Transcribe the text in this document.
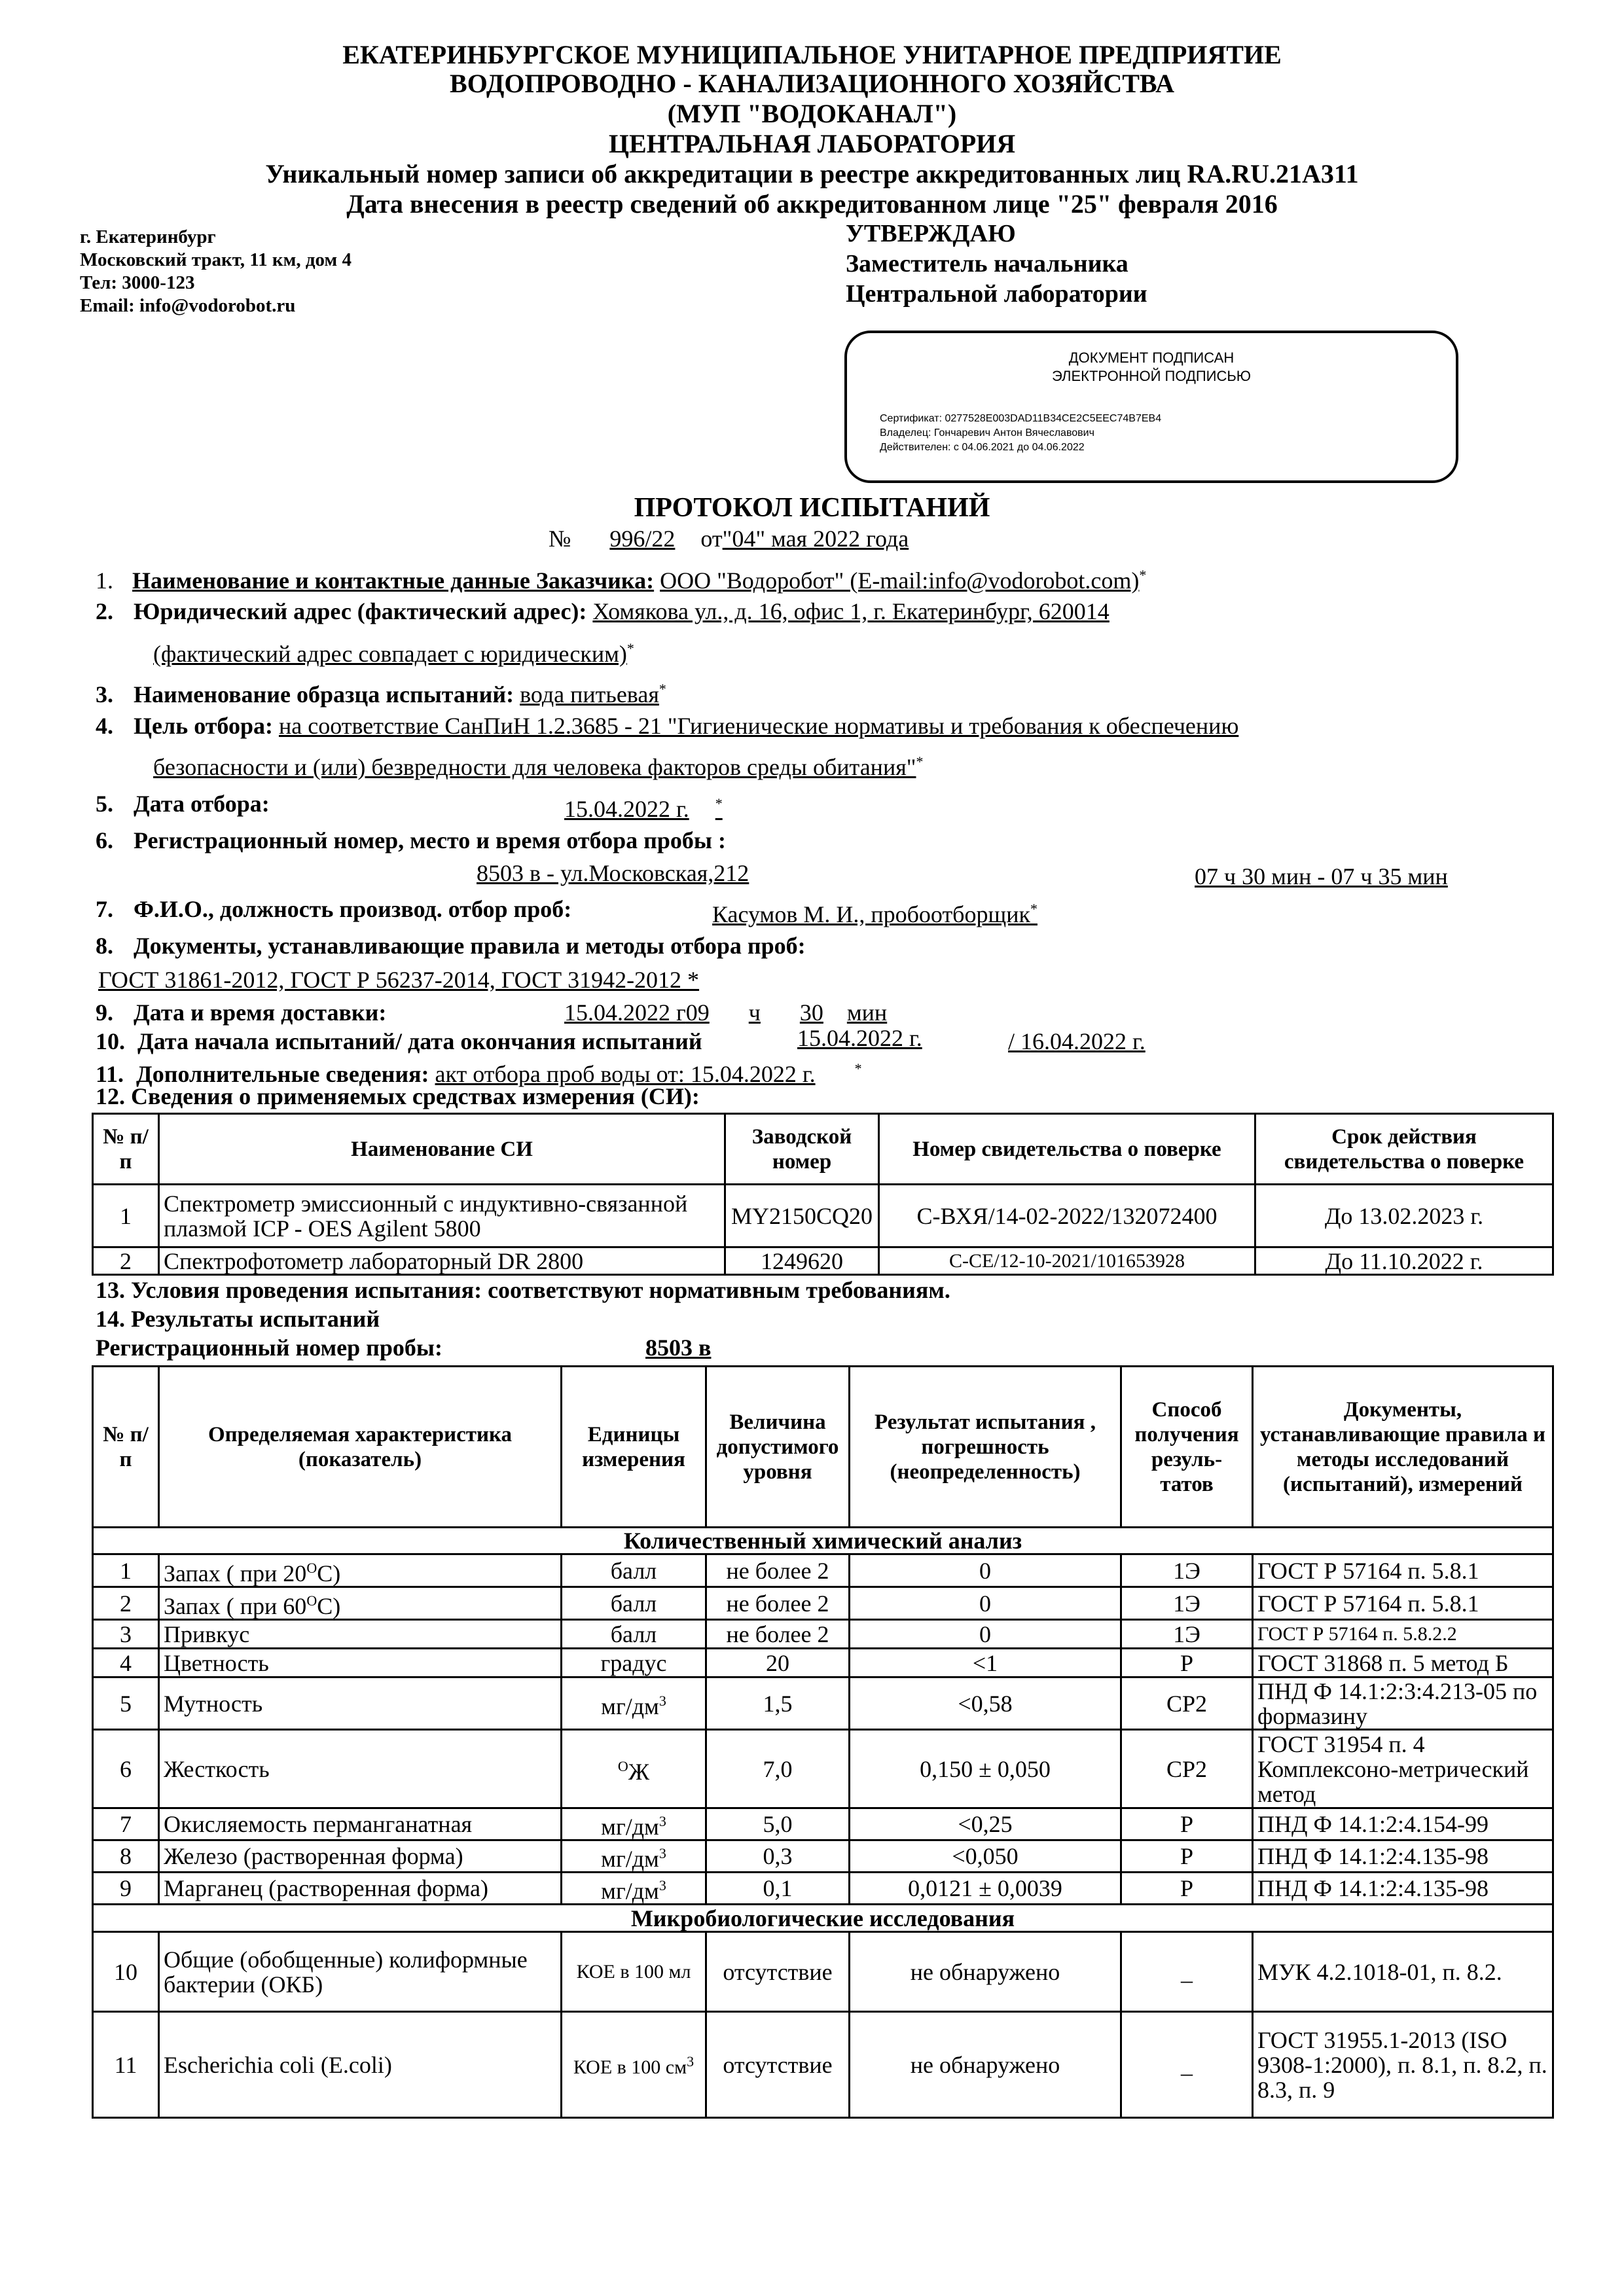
ЕКАТЕРИНБУРГСКОЕ МУНИЦИПАЛЬНОЕ УНИТАРНОЕ ПРЕДПРИЯТИЕ
ВОДОПРОВОДНО - КАНАЛИЗАЦИОННОГО ХОЗЯЙСТВА
(МУП "ВОДОКАНАЛ")
ЦЕНТРАЛЬНАЯ ЛАБОРАТОРИЯ
Уникальный номер записи об аккредитации в реестре аккредитованных лиц RA.RU.21А311
Дата внесения в реестр сведений об аккредитованном лице "25" февраля 2016
г. Екатеринбург
Московский тракт, 11 км, дом 4
Тел: 3000-123
Email: info@vodorobot.ru
УТВЕРЖДАЮ
Заместитель начальника
Центральной лаборатории
ДОКУМЕНТ ПОДПИСАН
ЭЛЕКТРОННОЙ ПОДПИСЬЮ
Сертификат: 0277528E003DAD11B34CE2C5EEC74B7EB4
Владелец: Гончаревич Антон Вячеславович
Действителен: с 04.06.2021 до 04.06.2022
ПРОТОКОЛ ИСПЫТАНИЙ
№ 996/22 от"04" мая 2022 года
1. Наименование и контактные данные Заказчика: ООО "Водоробот" (E-mail:info@vodorobot.com)*
2. Юридический адрес (фактический адрес): Хомякова ул., д. 16, офис 1, г. Екатеринбург, 620014
(фактический адрес совпадает с юридическим)*
3. Наименование образца испытаний: вода питьевая*
4. Цель отбора: на соответствие СанПиН 1.2.3685 - 21 "Гигиенические нормативы и требования к обеспечению
безопасности и (или) безвредности для человека факторов среды обитания"*
5. Дата отбора:	15.04.2022 г. *
6. Регистрационный номер, место и время отбора пробы :
8503 в - ул.Московская,212	07 ч 30 мин - 07 ч 35 мин
7. Ф.И.О., должность производ. отбор проб:	Касумов М. И., пробоотборщик*
8. Документы, устанавливающие правила и методы отбора проб:
ГОСТ 31861-2012, ГОСТ Р 56237-2014, ГОСТ 31942-2012 *
9. Дата и время доставки:	15.04.2022 г09 ч 30 мин
10. Дата начала испытаний/ дата окончания испытаний	15.04.2022 г.	/ 16.04.2022 г.
11. Дополнительные сведения: акт отбора проб воды от: 15.04.2022 г.	*
12. Сведения о применяемых средствах измерения (СИ):
№ п/п	Наименование СИ	Заводской номер	Номер свидетельства о поверке	Срок действия свидетельства о поверке
1	Спектрометр эмиссионный с индуктивно-связанной плазмой ICP - OES Agilent 5800	MY2150CQ20	С-ВХЯ/14-02-2022/132072400	До 13.02.2023 г.
2	Спектрофотометр лабораторный DR 2800	1249620	С-СЕ/12-10-2021/101653928	До 11.10.2022 г.
13. Условия проведения испытания: соответствуют нормативным требованиям.
14. Результаты испытаний
Регистрационный номер пробы:	8503 в
№ п/п	Определяемая характеристика (показатель)	Единицы измерения	Величина допустимого уровня	Результат испытания , погрешность (неопределенность)	Способ получения резуль-татов	Документы, устанавливающие правила и методы исследований (испытаний), измерений
Количественный химический анализ						
1	Запах ( при $20^ОС$)	балл	не более 2	0	1Э	ГОСТ Р 57164 п. 5.8.1
2	Запах ( при $60^ОС$)	балл	не более 2	0	1Э	ГОСТ Р 57164 п. 5.8.1
3	Привкус	балл	не более 2	0	1Э	ГОСТ Р 57164 п. 5.8.2.2
4	Цветность	градус	20	<1	Р	ГОСТ 31868 п. 5 метод Б
5	Мутность	$мг/дм^3$	1,5	<0,58	СР2	ПНД Ф 14.1:2:3:4.213-05 по формазину
6	Жесткость	$^О$Ж	7,0	0,150 ± 0,050	СР2	ГОСТ 31954 п. 4 Комплексоно-метрический метод
7	Окисляемость перманганатная	$мг/дм^3$	5,0	<0,25	Р	ПНД Ф 14.1:2:4.154-99
8	Железо (растворенная форма)	$мг/дм^3$	0,3	<0,050	Р	ПНД Ф 14.1:2:4.135-98
9	Марганец (растворенная форма)	$мг/дм^3$	0,1	0,0121 ± 0,0039	Р	ПНД Ф 14.1:2:4.135-98
Микробиологические исследования						
10	Общие (обобщенные) колиформные бактерии (ОКБ)	КОЕ в 100 мл	отсутствие	не обнаружено	_	МУК 4.2.1018-01, п. 8.2.
11	Escherichia coli (E.coli)	КОЕ в 100 $см^3$	отсутствие	не обнаружено	_	ГОСТ 31955.1-2013 (ISO 9308-1:2000), п. 8.1, п. 8.2, п. 8.3, п. 9
